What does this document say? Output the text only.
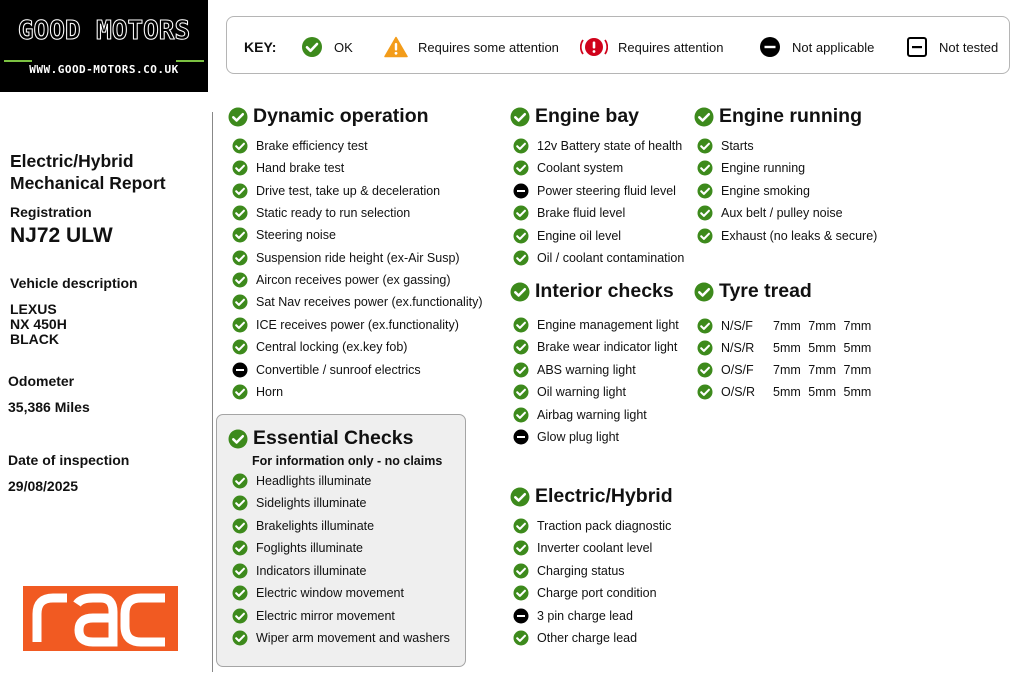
GOOD MOTORS
WWW.GOOD-MOTORS.CO.UK
KEY:	OK	Requires some attention	Requires attention	Not applicable	Not tested
Electric/Hybrid
Mechanical Report
Registration
NJ72 ULW
Vehicle description
LEXUS
NX 450H
BLACK
Odometer
35,386 Miles
Date of inspection
29/08/2025
Dynamic operation
Essential Checks
For information only - no claims
Engine bay
Interior checks
Electric/Hybrid
Engine running
Tyre tread
Brake efficiency test
Hand brake test
Drive test, take up & deceleration
Static ready to run selection
Steering noise
Suspension ride height (ex-Air Susp)
Aircon receives power (ex gassing)
Sat Nav receives power (ex.functionality)
ICE receives power (ex.functionality)
Central locking (ex.key fob)
Convertible / sunroof electrics
Horn
Headlights illuminate
Sidelights illuminate
Brakelights illuminate
Foglights illuminate
Indicators illuminate
Electric window movement
Electric mirror movement
Wiper arm movement and washers
12v Battery state of health
Coolant system
Power steering fluid level
Brake fluid level
Engine oil level
Oil / coolant contamination
Engine management light
Brake wear indicator light
ABS warning light
Oil warning light
Airbag warning light
Glow plug light
Traction pack diagnostic
Inverter coolant level
Charging status
Charge port condition
3 pin charge lead
Other charge lead
Starts
Engine running
Engine smoking
Aux belt / pulley noise
Exhaust (no leaks & secure)
N/S/F	7mm 7mm 7mm
N/S/R	5mm 5mm 5mm
O/S/F	7mm 7mm 7mm
O/S/R	5mm 5mm 5mm
